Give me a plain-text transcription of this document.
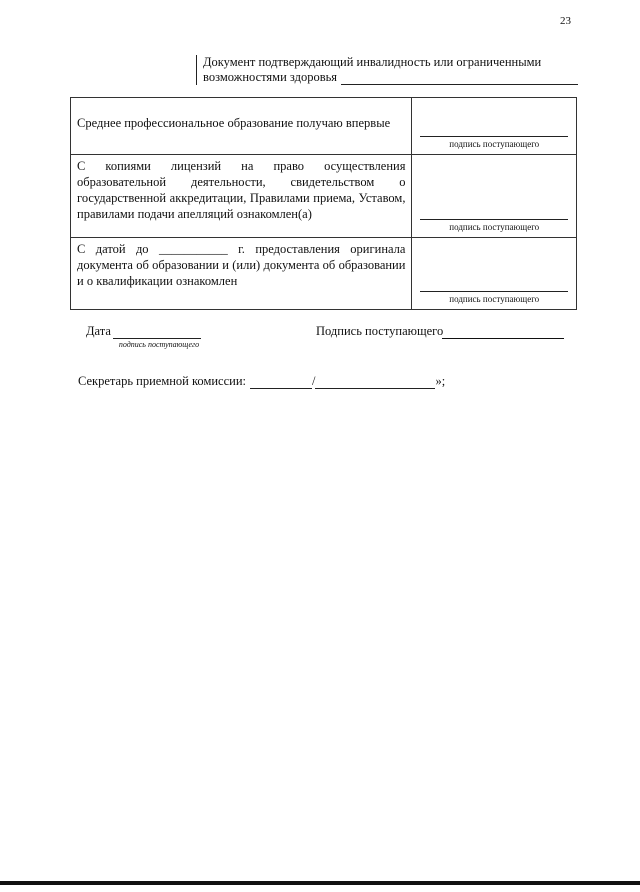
23
Документ подтверждающий инвалидность или ограниченными
возможностями здоровья
Среднее профессиональное образование получаю впервые	подпись поступающего

С копиями лицензий на право осуществления образовательной деятельности, свидетельством о государственной аккредитации, Правилами приема, Уставом, правилами подачи апелляций ознакомлен(а)	подпись поступающего

С датой до ___________ г. предоставления оригинала документа об образовании и (или) документа об образовании и о квалификации ознакомлен	подпись поступающего
Дата
подпись поступающего
Подпись поступающего
Секретарь приемной комиссии:	/	»;
